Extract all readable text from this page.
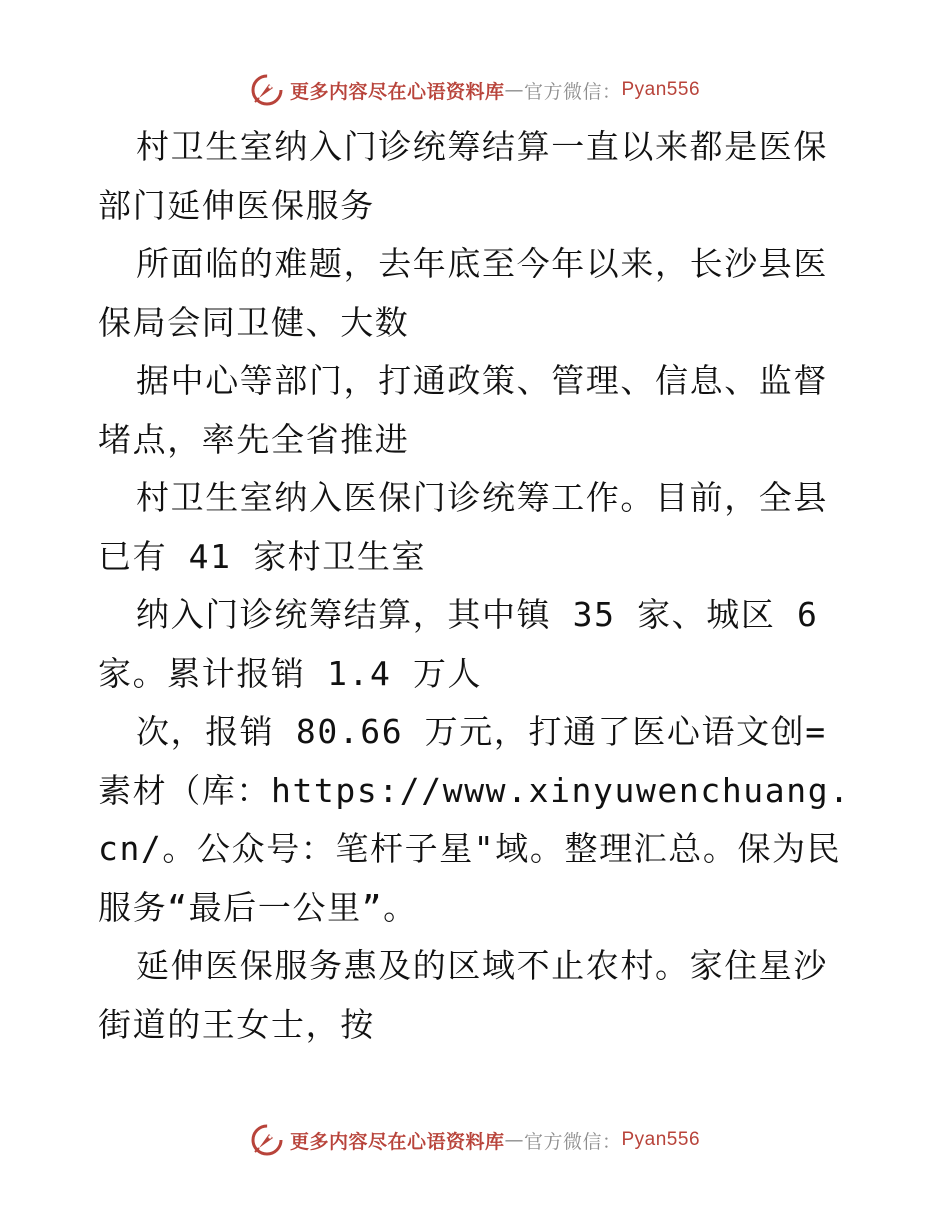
更多内容尽在心语资料库 — 官方微信： Pyan556

村卫生室纳入门诊统筹结算一直以来都是医保部门延伸医保服务

所面临的难题，去年底至今年以来，长沙县医保局会同卫健、大数

据中心等部门，打通政策、管理、信息、监督堵点，率先全省推进

村卫生室纳入医保门诊统筹工作。目前，全县已有 41 家村卫生室

纳入门诊统筹结算，其中镇 35 家、城区 6 家。累计报销 1.4 万人

次，报销 80.66 万元，打通了医心语文创=素材（库：https://www.xinyuwenchuang.cn/。公众号：笔杆子星"域。整理汇总。保为民服务“最后一公里”。

延伸医保服务惠及的区域不止农村。家住星沙街道的王女士，按

更多内容尽在心语资料库 — 官方微信： Pyan556
